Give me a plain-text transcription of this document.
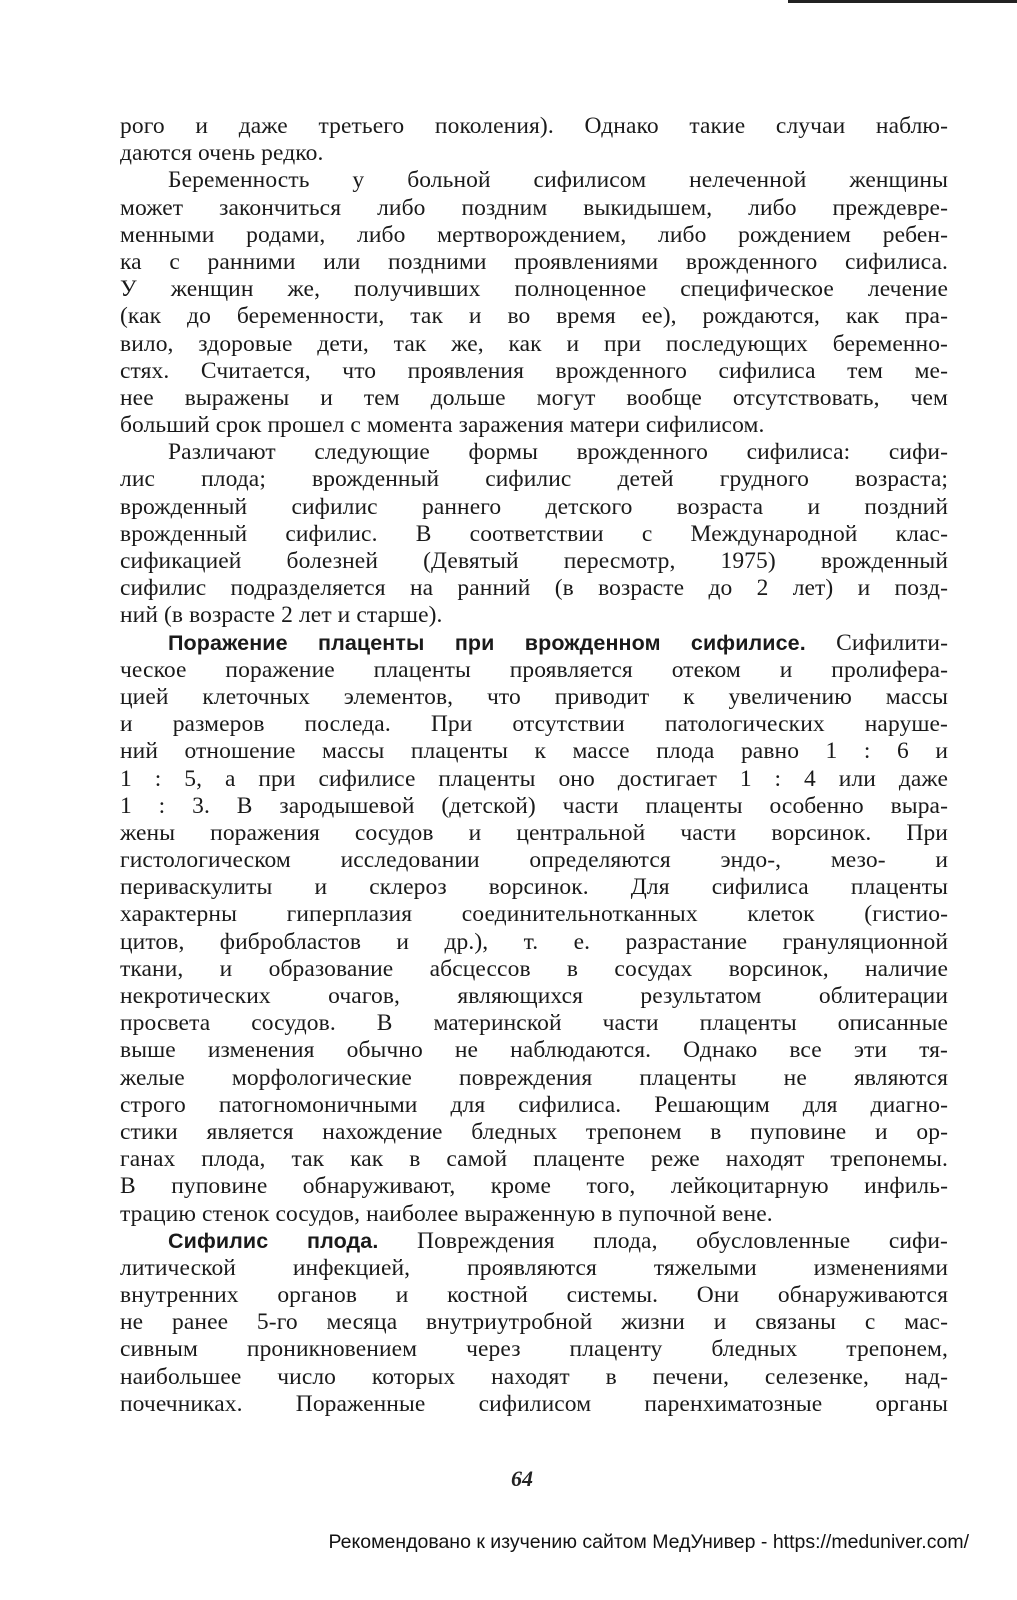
рого и даже третьего поколения). Однако такие случаи наблю-
даются очень редко.
Беременность у больной сифилисом нелеченной женщины
может закончиться либо поздним выкидышем, либо преждевре-
менными родами, либо мертворождением, либо рождением ребен-
ка с ранними или поздними проявлениями врожденного сифилиса.
У женщин же, получивших полноценное специфическое лечение
(как до беременности, так и во время ее), рождаются, как пра-
вило, здоровые дети, так же, как и при последующих беременно-
стях. Считается, что проявления врожденного сифилиса тем ме-
нее выражены и тем дольше могут вообще отсутствовать, чем
больший срок прошел с момента заражения матери сифилисом.
Различают следующие формы врожденного сифилиса: сифи-
лис плода; врожденный сифилис детей грудного возраста;
врожденный сифилис раннего детского возраста и поздний
врожденный сифилис. В соответствии с Международной клас-
сификацией болезней (Девятый пересмотр, 1975) врожденный
сифилис подразделяется на ранний (в возрасте до 2 лет) и позд-
ний (в возрасте 2 лет и старше).
Поражение плаценты при врожденном сифилисе. Сифилити-
ческое поражение плаценты проявляется отеком и пролифера-
цией клеточных элементов, что приводит к увеличению массы
и размеров последа. При отсутствии патологических наруше-
ний отношение массы плаценты к массе плода равно 1 : 6 и
1 : 5, а при сифилисе плаценты оно достигает 1 : 4 или даже
1 : 3. В зародышевой (детской) части плаценты особенно выра-
жены поражения сосудов и центральной части ворсинок. При
гистологическом исследовании определяются эндо-, мезо- и
периваскулиты и склероз ворсинок. Для сифилиса плаценты
характерны гиперплазия соединительнотканных клеток (гистио-
цитов, фибробластов и др.), т. е. разрастание грануляционной
ткани, и образование абсцессов в сосудах ворсинок, наличие
некротических очагов, являющихся результатом облитерации
просвета сосудов. В материнской части плаценты описанные
выше изменения обычно не наблюдаются. Однако все эти тя-
желые морфологические повреждения плаценты не являются
строго патогномоничными для сифилиса. Решающим для диагно-
стики является нахождение бледных трепонем в пуповине и ор-
ганах плода, так как в самой плаценте реже находят трепонемы.
В пуповине обнаруживают, кроме того, лейкоцитарную инфиль-
трацию стенок сосудов, наиболее выраженную в пупочной вене.
Сифилис плода. Повреждения плода, обусловленные сифи-
литической инфекцией, проявляются тяжелыми изменениями
внутренних органов и костной системы. Они обнаруживаются
не ранее 5-го месяца внутриутробной жизни и связаны с мас-
сивным проникновением через плаценту бледных трепонем,
наибольшее число которых находят в печени, селезенке, над-
почечниках. Пораженные сифилисом паренхиматозные органы
64
Рекомендовано к изучению сайтом МедУнивер - https://meduniver.com/
